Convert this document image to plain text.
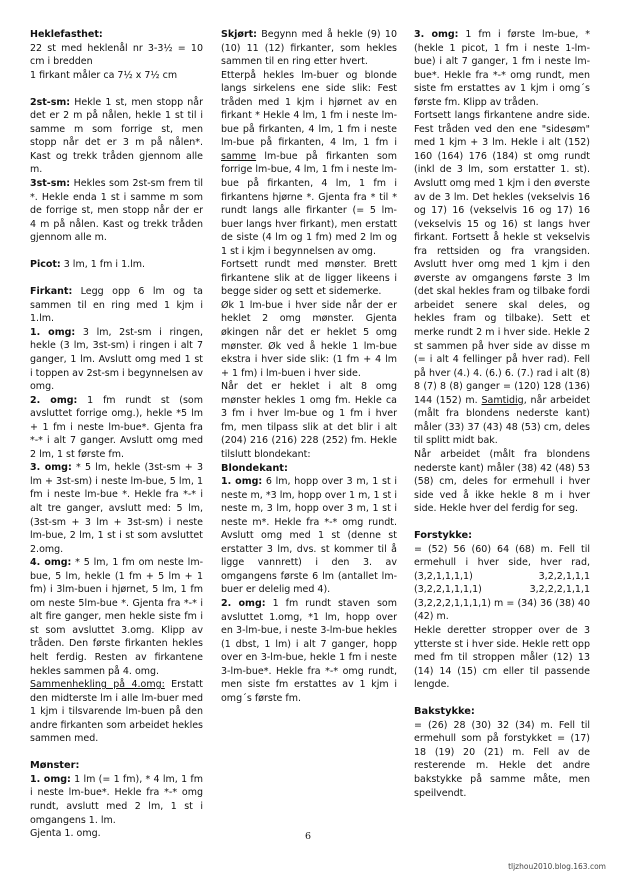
Heklefasthet:
22 st med heklenål nr 3-3½ = 10 cm i bredden
1 firkant måler ca 7½ x 7½ cm

2st-sm: Hekle 1 st, men stopp når det er 2 m på nålen, hekle 1 st til i samme m som forrige st, men stopp når det er 3 m på nålen*. Kast og trekk tråden gjennom alle m.

3st-sm: Hekles som 2st-sm frem til *. Hekle enda 1 st i samme m som de forrige st, men stopp når der er 4 m på nålen. Kast og trekk tråden gjennom alle m.

Picot: 3 lm, 1 fm i 1.lm.

Firkant: Legg opp 6 lm og ta sammen til en ring med 1 kjm i 1.lm.

1. omg: 3 lm, 2st-sm i ringen, hekle (3 lm, 3st-sm) i ringen i alt 7 ganger, 1 lm. Avslutt omg med 1 st i toppen av 2st-sm i begynnelsen av omg.

2. omg: 1 fm rundt st (som avsluttet forrige omg.), hekle *5 lm + 1 fm i neste lm-bue*. Gjenta fra *-* i alt 7 ganger. Avslutt omg med 2 lm, 1 st første fm.

3. omg: * 5 lm, hekle (3st-sm + 3 lm + 3st-sm) i neste lm-bue, 5 lm, 1 fm i neste lm-bue *. Hekle fra *-* i alt tre ganger, avslutt med: 5 lm, (3st-sm + 3 lm + 3st-sm) i neste lm-bue, 2 lm, 1 st i st som avsluttet 2.omg.

4. omg: * 5 lm, 1 fm om neste lm-bue, 5 lm, hekle (1 fm + 5 lm + 1 fm) i 3lm-buen i hjørnet, 5 lm, 1 fm om neste 5lm-bue *. Gjenta fra *-* i alt fire ganger, men hekle siste fm i st som avsluttet 3.omg. Klipp av tråden. Den første firkanten hekles helt ferdig. Resten av firkantene hekles sammen på 4. omg.

Sammenhekling på 4.omg: Erstatt den midterste lm i alle lm-buer med 1 kjm i tilsvarende lm-buen på den andre firkanten som arbeidet hekles sammen med.

Mønster:

1. omg: 1 lm (= 1 fm), * 4 lm, 1 fm i neste lm-bue*. Hekle fra *-* omg rundt, avslutt med 2 lm, 1 st i omgangens 1. lm.

Gjenta 1. omg.

Skjørt: Begynn med å hekle (9) 10 (10) 11 (12) firkanter, som hekles sammen til en ring etter hvert.

Etterpå hekles lm-buer og blonde langs sirkelens ene side slik: Fest tråden med 1 kjm i hjørnet av en firkant * Hekle 4 lm, 1 fm i neste lm-bue på firkanten, 4 lm, 1 fm i neste lm-bue på firkanten, 4 lm, 1 fm i samme lm-bue på firkanten som forrige lm-bue, 4 lm, 1 fm i neste lm-bue på firkanten, 4 lm, 1 fm i firkantens hjørne *. Gjenta fra * til * rundt langs alle firkanter (= 5 lm-buer langs hver firkant), men erstatt de siste (4 lm og 1 fm) med 2 lm og 1 st i kjm i begynnelsen av omg.

Fortsett rundt med mønster. Brett firkantene slik at de ligger likeens i begge sider og sett et sidemerke.

Øk 1 lm-bue i hver side når der er heklet 2 omg mønster. Gjenta økingen når det er heklet 5 omg mønster. Øk ved å hekle 1 lm-bue ekstra i hver side slik: (1 fm + 4 lm + 1 fm) i lm-buen i hver side.

Når det er heklet i alt 8 omg mønster hekles 1 omg fm. Hekle ca 3 fm i hver lm-bue og 1 fm i hver fm, men tilpass slik at det blir i alt (204) 216 (216) 228 (252) fm. Hekle tilslutt blondekant:

Blondekant:

1. omg: 6 lm, hopp over 3 m, 1 st i neste m, *3 lm, hopp over 1 m, 1 st i neste m, 3 lm, hopp over 3 m, 1 st i neste m*. Hekle fra *-* omg rundt. Avslutt omg med 1 st (denne st erstatter 3 lm, dvs. st kommer til å ligge vannrett) i den 3. av omgangens første 6 lm (antallet lm-buer er delelig med 4).

2. omg: 1 fm rundt staven som avsluttet 1.omg, *1 lm, hopp over en 3-lm-bue, i neste 3-lm-bue hekles (1 dbst, 1 lm) i alt 7 ganger, hopp over en 3-lm-bue, hekle 1 fm i neste 3-lm-bue*. Hekle fra *-* omg rundt, men siste fm erstattes av 1 kjm i omg´s første fm.

3. omg: 1 fm i første lm-bue, *(hekle 1 picot, 1 fm i neste 1-lm-bue) i alt 7 ganger, 1 fm i neste lm-bue*. Hekle fra *-* omg rundt, men siste fm erstattes av 1 kjm i omg´s første fm. Klipp av tråden.

Fortsett langs firkantene andre side. Fest tråden ved den ene "sidesøm" med 1 kjm + 3 lm. Hekle i alt (152) 160 (164) 176 (184) st omg rundt (inkl de 3 lm, som erstatter 1. st). Avslutt omg med 1 kjm i den øverste av de 3 lm. Det hekles (vekselvis 16 og 17) 16 (vekselvis 16 og 17) 16 (vekselvis 15 og 16) st langs hver firkant. Fortsett å hekle st vekselvis fra rettsiden og fra vrangsiden. Avslutt hver omg med 1 kjm i den øverste av omgangens første 3 lm (det skal hekles fram og tilbake fordi arbeidet senere skal deles, og hekles fram og tilbake). Sett et merke rundt 2 m i hver side. Hekle 2 st sammen på hver side av disse m (= i alt 4 fellinger på hver rad). Fell på hver (4.) 4. (6.) 6. (7.) rad i alt (8) 8 (7) 8 (8) ganger = (120) 128 (136) 144 (152) m. Samtidig, når arbeidet (målt fra blondens nederste kant) måler (33) 37 (43) 48 (53) cm, deles til splitt midt bak.

Når arbeidet (målt fra blondens nederste kant) måler (38) 42 (48) 53 (58) cm, deles for ermehull i hver side ved å ikke hekle 8 m i hver side. Hekle hver del ferdig for seg.

Forstykke:

= (52) 56 (60) 64 (68) m. Fell til ermehull i hver side, hver rad, (3,2,1,1,1,1) 3,2,2,1,1,1 (3,2,2,1,1,1,1) 3,2,2,2,1,1,1 (3,2,2,2,1,1,1,1) m = (34) 36 (38) 40 (42) m.

Hekle deretter stropper over de 3 ytterste st i hver side. Hekle rett opp med fm til stroppen måler (12) 13 (14) 14 (15) cm eller til passende lengde.

Bakstykke:

= (26) 28 (30) 32 (34) m. Fell til ermehull som på forstykket = (17) 18 (19) 20 (21) m. Fell av de resterende m. Hekle det andre bakstykke på samme måte, men speilvendt.

6
tljzhou2010.blog.163.com
